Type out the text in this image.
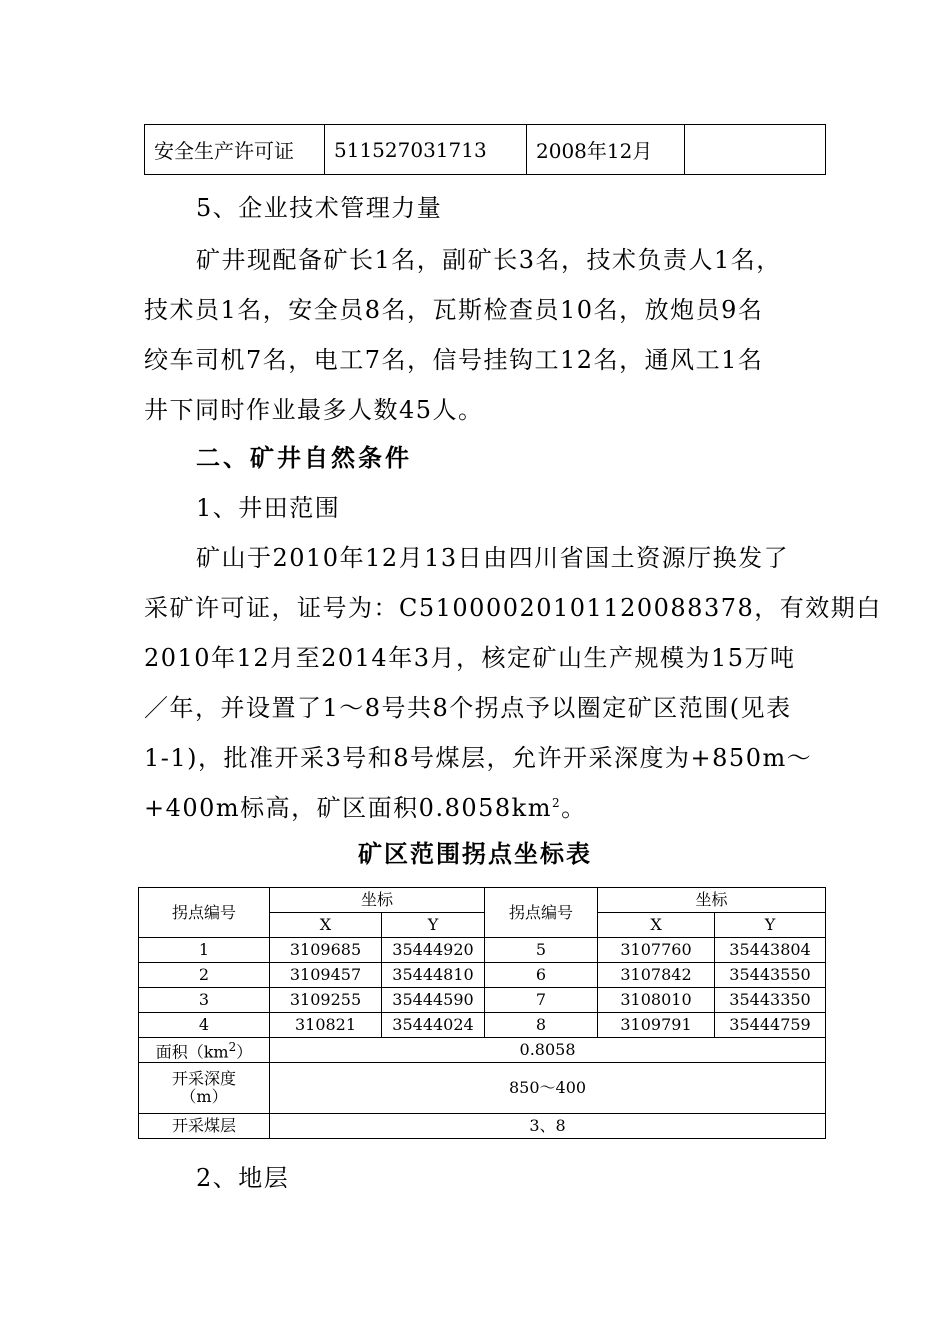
安全生产许可证	511527031713	2008年12月	
5、企业技术管理力量
矿井现配备矿长1名，副矿长3名，技术负责人1名，
技术员1名，安全员8名，瓦斯检查员10名，放炮员9名
绞车司机7名，电工7名，信号挂钩工12名，通风工1名
井下同时作业最多人数45人。
二、矿井自然条件
1、井田范围
矿山于2010年12月13日由四川省国土资源厅换发了
采矿许可证，证号为：C5100002010112008837​8，有效期白
2010年12月至2014年3月，核定矿山生产规模为15万吨
／年，并设置了1～8号共8个拐点予以圈定矿区范围(见表
1-1)，批准开采3号和8号煤层，允许开采深度为+850m～
+400m标高，矿区面积$0.8058km^2$。
矿区范围拐点坐标表
拐点编号	坐标		拐点编号	坐标	
	X	Y		X	Y
1	3109685	35444920	5	3107760	35443804
2	3109457	35444810	6	3107842	35443550
3	3109255	35444590	7	3108010	35443350
4	310821	35444024	8	3109791	35444759
面积$(km^2)$	0.8058				

开采深度
（m）	850～400				
开采煤层	3、8				
2、地层
